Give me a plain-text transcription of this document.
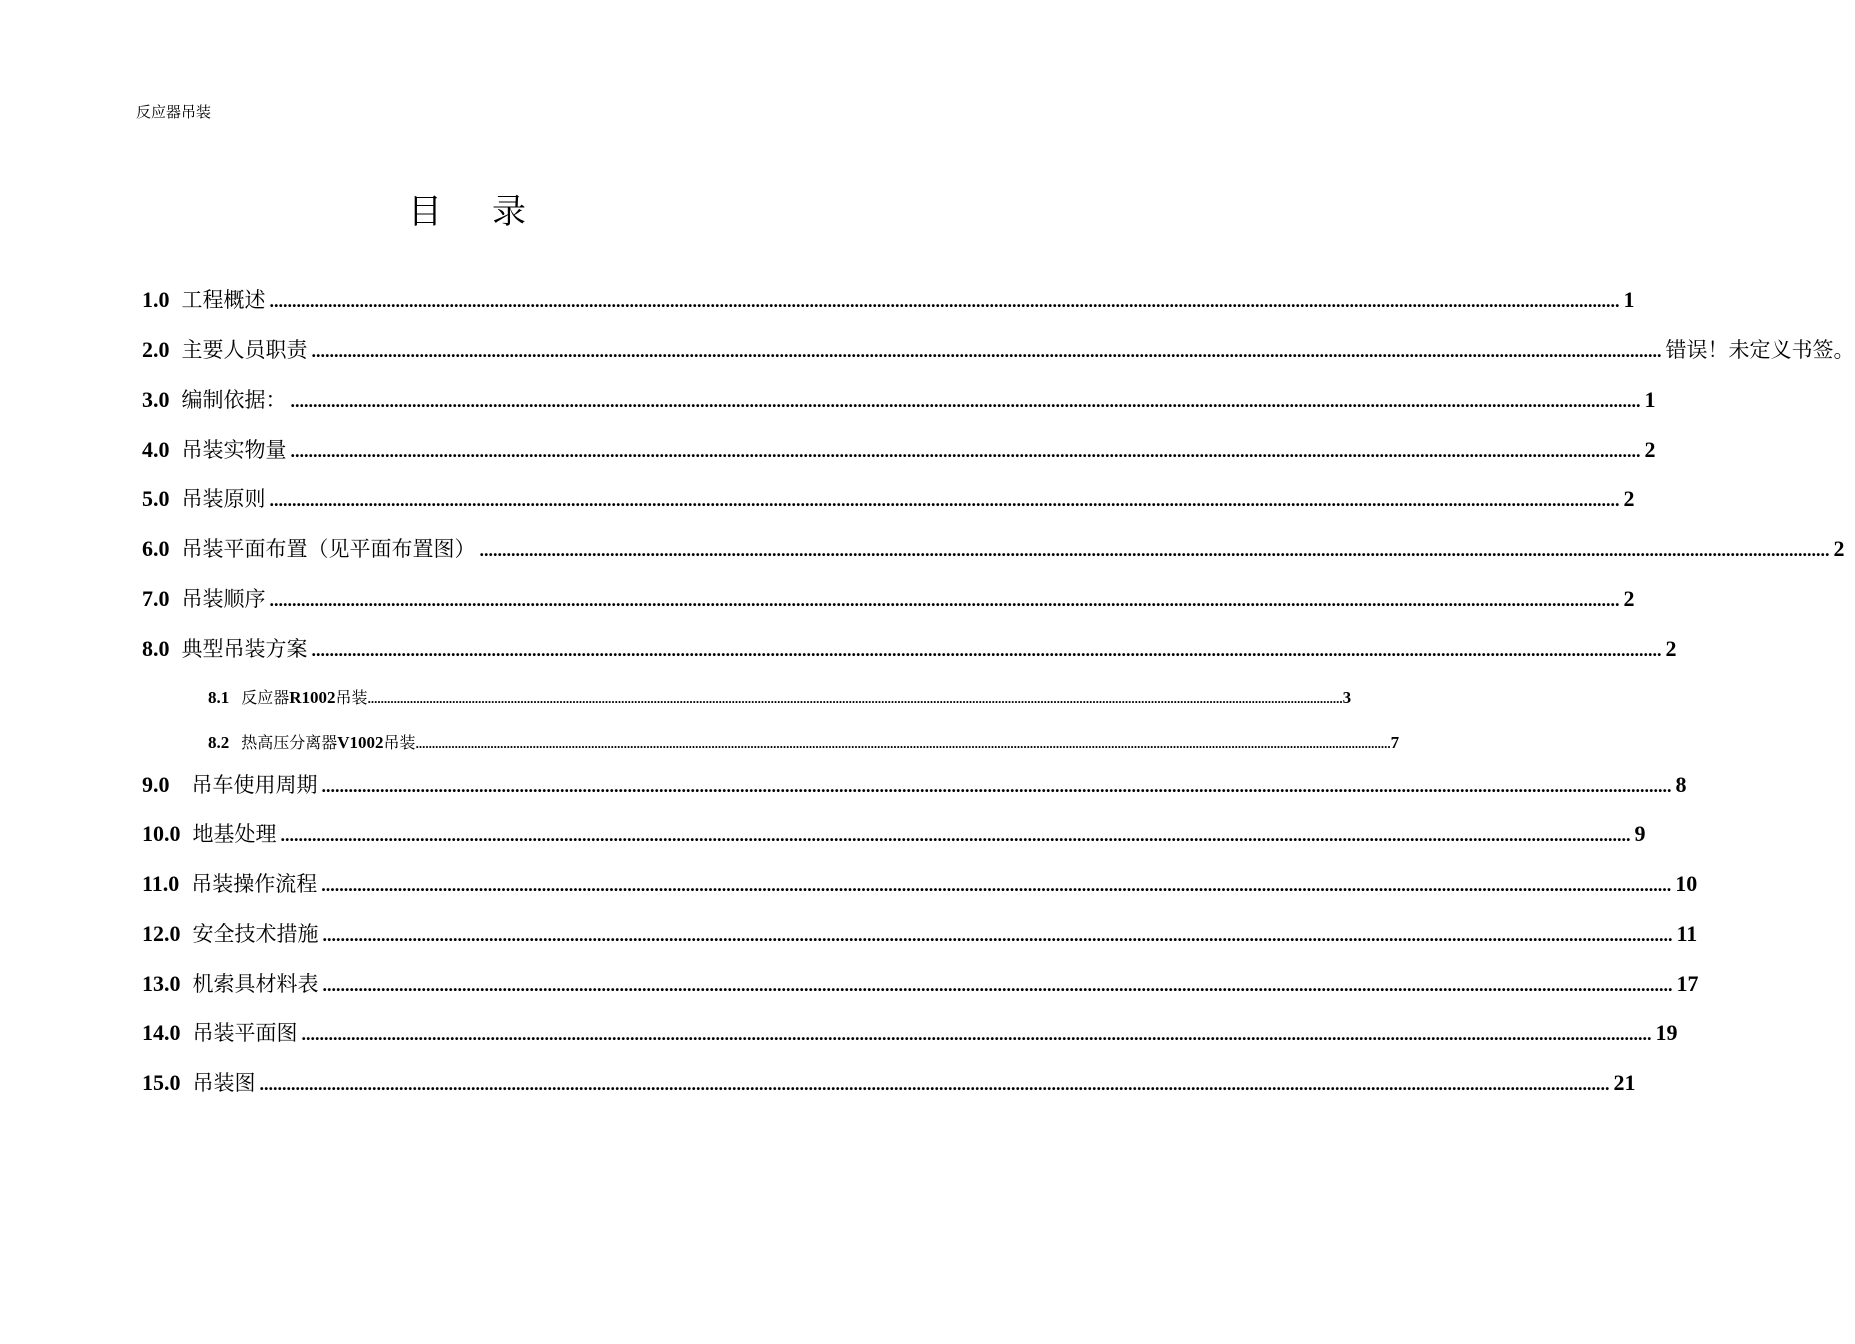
反应器吊装
目录
1.0 工程概述 ............................................................................................................................................................................................................................................................................................................ 1
2.0 主要人员职责 ............................................................................................................................................................................................................................................................................................................ 错误！未定义书签。
3.0 编制依据： ............................................................................................................................................................................................................................................................................................................ 1
4.0 吊装实物量 ............................................................................................................................................................................................................................................................................................................ 2
5.0 吊装原则 ............................................................................................................................................................................................................................................................................................................ 2
6.0 吊装平面布置（见平面布置图） ............................................................................................................................................................................................................................................................................................................ 2
7.0 吊装顺序 ............................................................................................................................................................................................................................................................................................................ 2
8.0 典型吊装方案 ............................................................................................................................................................................................................................................................................................................ 2
8.1 反应器R1002吊装 ............................................................................................................................................................................................................................................................................................................ 3
8.2 热高压分离器V1002吊装 ............................................................................................................................................................................................................................................................................................................ 7
9.0 吊车使用周期 ............................................................................................................................................................................................................................................................................................................ 8
10.0 地基处理 ............................................................................................................................................................................................................................................................................................................ 9
11.0 吊装操作流程 ............................................................................................................................................................................................................................................................................................................ 10
12.0 安全技术措施 ............................................................................................................................................................................................................................................................................................................ 11
13.0 机索具材料表 ............................................................................................................................................................................................................................................................................................................ 17
14.0 吊装平面图 ............................................................................................................................................................................................................................................................................................................ 19
15.0 吊装图 ............................................................................................................................................................................................................................................................................................................ 21
